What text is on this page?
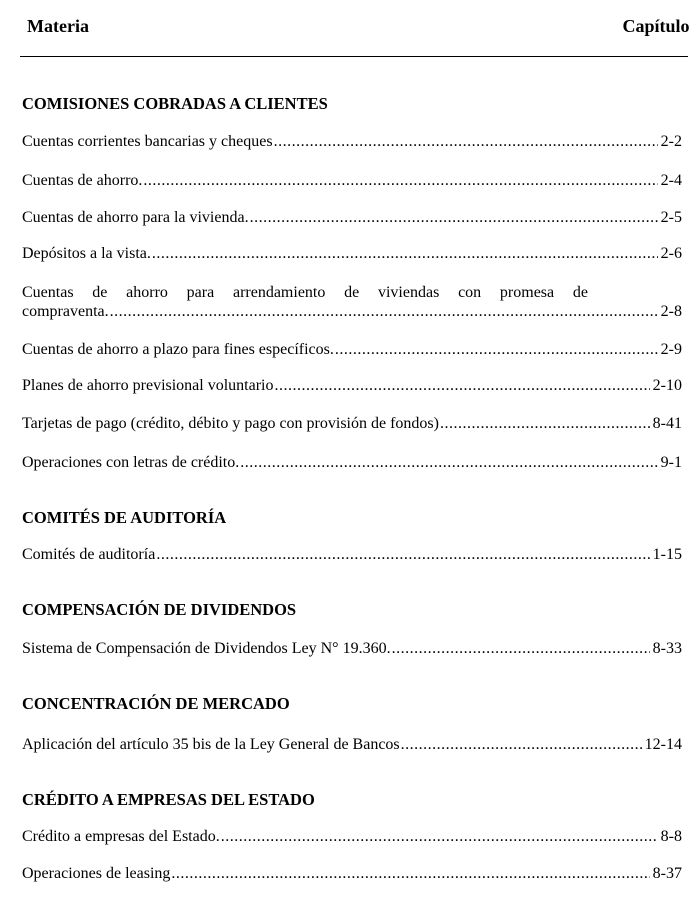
Materia	Capítulo
COMISIONES COBRADAS A CLIENTES
Cuentas corrientes bancarias y cheques .....	2-2
Cuentas de ahorro. .....	2-4
Cuentas de ahorro para la vivienda. .....	2-5
Depósitos a la vista. .....	2-6
Cuentas de ahorro para arrendamiento de viviendas con promesa de
compraventa. .....	2-8
Cuentas de ahorro a plazo para fines específicos. .....	2-9
Planes de ahorro previsional voluntario .....	2-10
Tarjetas de pago (crédito, débito y pago con provisión de fondos) .....	8-41
Operaciones con letras de crédito. .....	9-1
COMITÉS DE AUDITORÍA
Comités de auditoría .....	1-15
COMPENSACIÓN DE DIVIDENDOS
Sistema de Compensación de Dividendos Ley N° 19.360. .....	8-33
CONCENTRACIÓN DE MERCADO
Aplicación del artículo 35 bis de la Ley General de Bancos .....	12-14
CRÉDITO A EMPRESAS DEL ESTADO
Crédito a empresas del Estado. .....	8-8
Operaciones de leasing .....	8-37
